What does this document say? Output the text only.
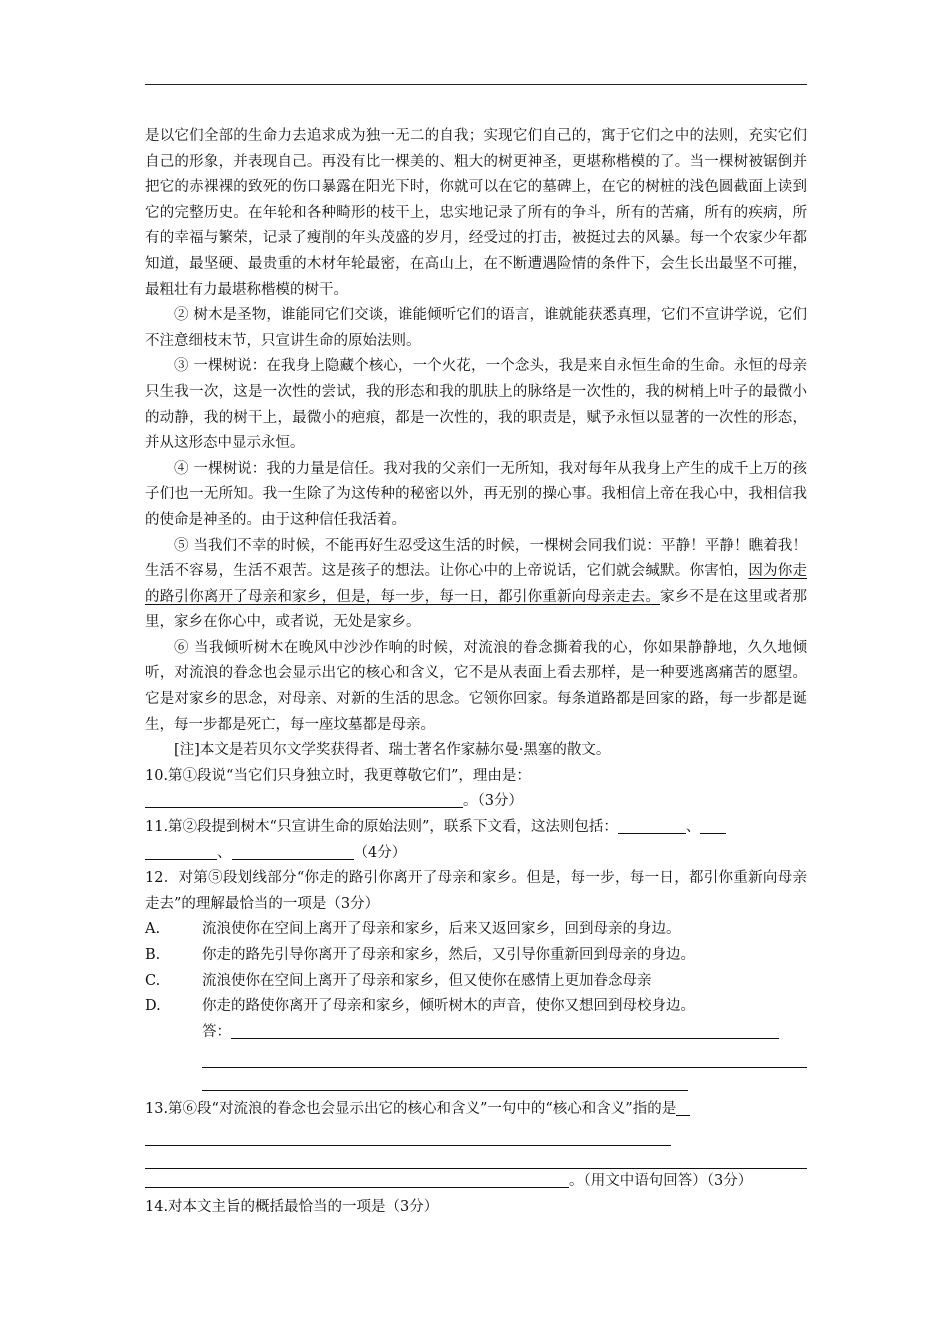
是以它们全部的生命力去追求成为独一无二的自我；实现它们自己的，寓于它们之中的法则，充实它们自己的形象，并表现自己。再没有比一棵美的、粗大的树更神圣，更堪称楷模的了。当一棵树被锯倒并把它的赤裸裸的致死的伤口暴露在阳光下时，你就可以在它的墓碑上，在它的树桩的浅色圆截面上读到它的完整历史。在年轮和各种畸形的枝干上，忠实地记录了所有的争斗，所有的苦痛，所有的疾病，所有的幸福与繁荣，记录了瘦削的年头茂盛的岁月，经受过的打击，被挺过去的风暴。每一个农家少年都知道，最坚硬、最贵重的木材年轮最密，在高山上，在不断遭遇险情的条件下，会生长出最坚不可摧，最粗壮有力最堪称楷模的树干。

② 树木是圣物，谁能同它们交谈，谁能倾听它们的语言，谁就能获悉真理，它们不宣讲学说，它们不注意细枝末节，只宣讲生命的原始法则。

③ 一棵树说：在我身上隐藏个核心，一个火花，一个念头，我是来自永恒生命的生命。永恒的母亲只生我一次，这是一次性的尝试，我的形态和我的肌肤上的脉络是一次性的，我的树梢上叶子的最微小的动静，我的树干上，最微小的疤痕，都是一次性的，我的职责是，赋予永恒以显著的一次性的形态，并从这形态中显示永恒。

④ 一棵树说：我的力量是信任。我对我的父亲们一无所知，我对每年从我身上产生的成千上万的孩子们也一无所知。我一生除了为这传种的秘密以外，再无别的操心事。我相信上帝在我心中，我相信我的使命是神圣的。由于这种信任我活着。

⑤ 当我们不幸的时候，不能再好生忍受这生活的时候，一棵树会同我们说：平静！平静！瞧着我！生活不容易，生活不艰苦。这是孩子的想法。让你心中的上帝说话，它们就会缄默。你害怕，因为你走的路引你离开了母亲和家乡，但是，每一步，每一日，都引你重新向母亲走去。家乡不是在这里或者那里，家乡在你心中，或者说，无处是家乡。

⑥ 当我倾听树木在晚风中沙沙作响的时候，对流浪的眷念撕着我的心，你如果静静地，久久地倾听，对流浪的眷念也会显示出它的核心和含义，它不是从表面上看去那样，是一种要逃离痛苦的愿望。它是对家乡的思念，对母亲、对新的生活的思念。它领你回家。每条道路都是回家的路，每一步都是诞生，每一步都是死亡，每一座坟墓都是母亲。

[注]本文是若贝尔文学奖获得者、瑞士著名作家赫尔曼·黑塞的散文。

10.第①段说“当它们只身独立时，我更尊敬它们”，理由是：

。（3分）

11.第②段提到树木“只宣讲生命的原始法则”，联系下文看，这法则包括：	、

、	（4分）

12．对第⑤段划线部分“你走的路引你离开了母亲和家乡。但是，每一步，每一日，都引你重新向母亲走去”的理解最恰当的一项是（3分）

A.	流浪使你在空间上离开了母亲和家乡，后来又返回家乡，回到母亲的身边。
B.	你走的路先引导你离开了母亲和家乡，然后，又引导你重新回到母亲的身边。
C.	流浪使你在空间上离开了母亲和家乡，但又使你在感情上更加眷念母亲
D.	你走的路使你离开了母亲和家乡，倾听树木的声音，使你又想回到母校身边。
答：

13.第⑥段“对流浪的眷念也会显示出它的核心和含义”一句中的“核心和含义”指的是

。（用文中语句回答）（3分）

14.对本文主旨的概括最恰当的一项是（3分）
